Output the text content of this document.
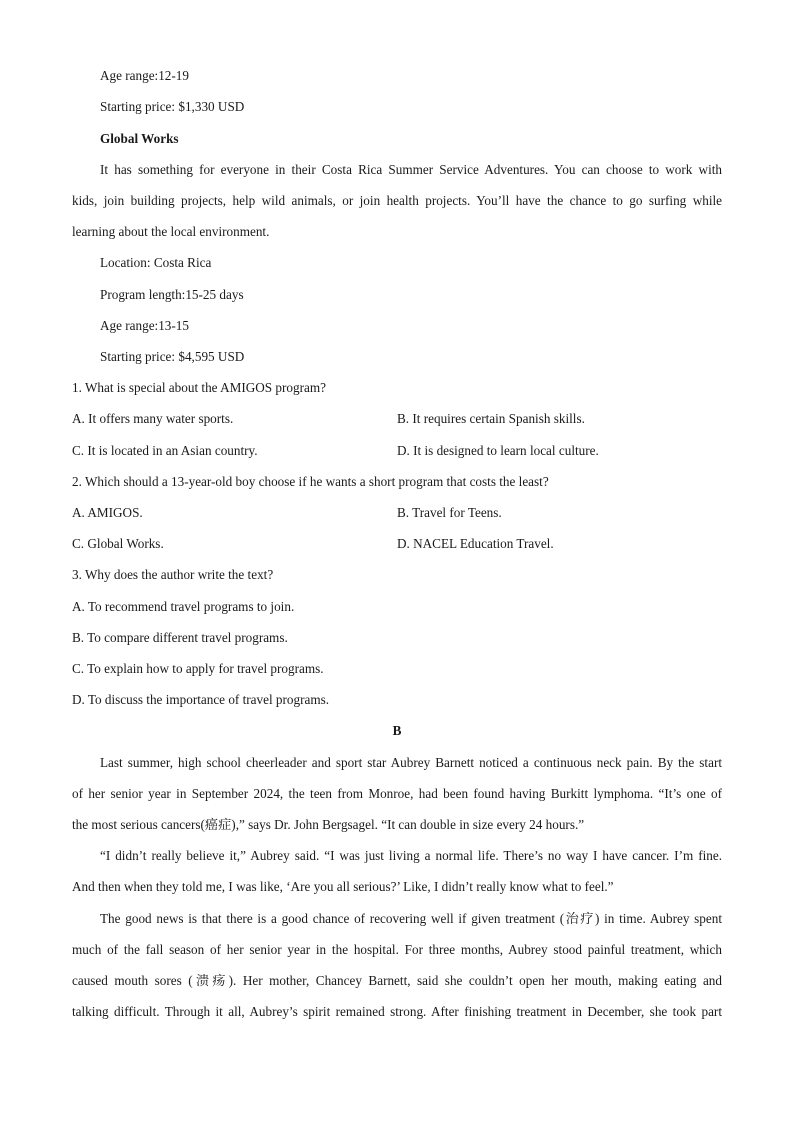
Age range:12-19
Starting price: $1,330 USD
Global Works
It has something for everyone in their Costa Rica Summer Service Adventures. You can choose to work with
kids, join building projects, help wild animals, or join health projects. You’ll have the chance to go surfing while
learning about the local environment.
Location: Costa Rica
Program length:15-25 days
Age range:13-15
Starting price: $4,595 USD
1. What is special about the AMIGOS program?
A. It offers many water sports.	B. It requires certain Spanish skills.
C. It is located in an Asian country.	D. It is designed to learn local culture.
2. Which should a 13-year-old boy choose if he wants a short program that costs the least?
A. AMIGOS.	B. Travel for Teens.
C. Global Works.	D. NACEL Education Travel.
3. Why does the author write the text?
A. To recommend travel programs to join.
B. To compare different travel programs.
C. To explain how to apply for travel programs.
D. To discuss the importance of travel programs.
B
Last summer, high school cheerleader and sport star Aubrey Barnett noticed a continuous neck pain. By the start
of her senior year in September 2024, the teen from Monroe, had been found having Burkitt lymphoma. “It’s one of
the most serious cancers(癌症),” says Dr. John Bergsagel. “It can double in size every 24 hours.”
“I didn’t really believe it,” Aubrey said. “I was just living a normal life. There’s no way I have cancer. I’m fine.
And then when they told me, I was like, ‘Are you all serious?’ Like, I didn’t really know what to feel.”
The good news is that there is a good chance of recovering well if given treatment (治疗) in time. Aubrey spent
much of the fall season of her senior year in the hospital. For three months, Aubrey stood painful treatment, which
caused mouth sores (溃疡). Her mother, Chancey Barnett, said she couldn’t open her mouth, making eating and
talking difficult. Through it all, Aubrey’s spirit remained strong. After finishing treatment in December, she took part
